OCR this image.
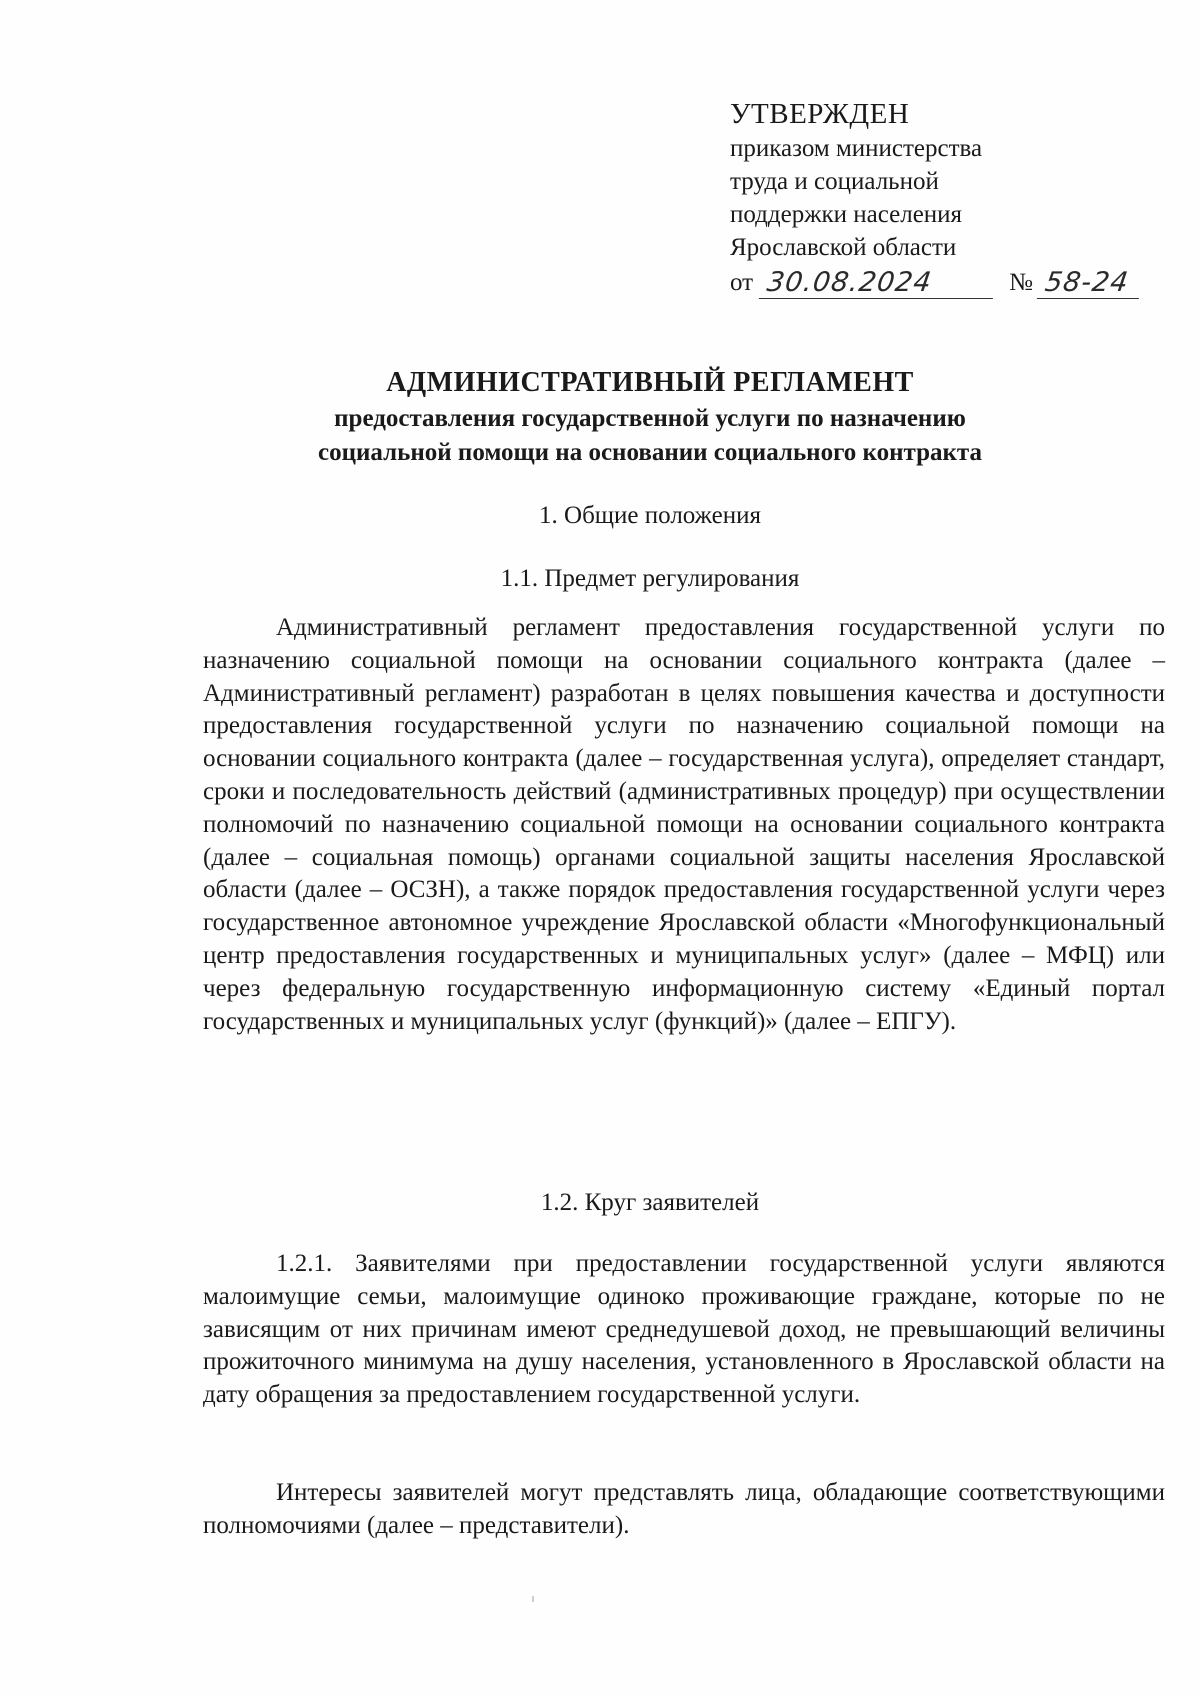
УТВЕРЖДЕН
приказом министерства
труда и социальной
поддержки населения
Ярославской области
от 30.08.2024	№ 58-24
АДМИНИСТРАТИВНЫЙ РЕГЛАМЕНТ
предоставления государственной услуги по назначению
социальной помощи на основании социального контракта
1. Общие положения
1.1. Предмет регулирования

Административный регламент предоставления государственной услуги по назначению социальной помощи на основании социального контракта (далее – Административный регламент) разработан в целях повышения качества и доступности предоставления государственной услуги по назначению социальной помощи на основании социального контракта (далее – государственная услуга), определяет стандарт, сроки и последовательность действий (административных процедур) при осуществлении полномочий по назначению социальной помощи на основании социального контракта (далее – социальная помощь) органами социальной защиты населения Ярославской области (далее – ОСЗН), а также порядок предоставления государственной услуги через государственное автономное учреждение Ярославской области «Многофункциональный центр предоставления государственных и муниципальных услуг» (далее – МФЦ) или через федеральную государственную информационную систему «Единый портал государственных и муниципальных услуг (функций)» (далее – ЕПГУ).

1.2. Круг заявителей

1.2.1. Заявителями при предоставлении государственной услуги являются малоимущие семьи, малоимущие одиноко проживающие граждане, которые по не зависящим от них причинам имеют среднедушевой доход, не превышающий величины прожиточного минимума на душу населения, установленного в Ярославской области на дату обращения за предоставлением государственной услуги.

Интересы заявителей могут представлять лица, обладающие соответствующими полномочиями (далее – представители).
